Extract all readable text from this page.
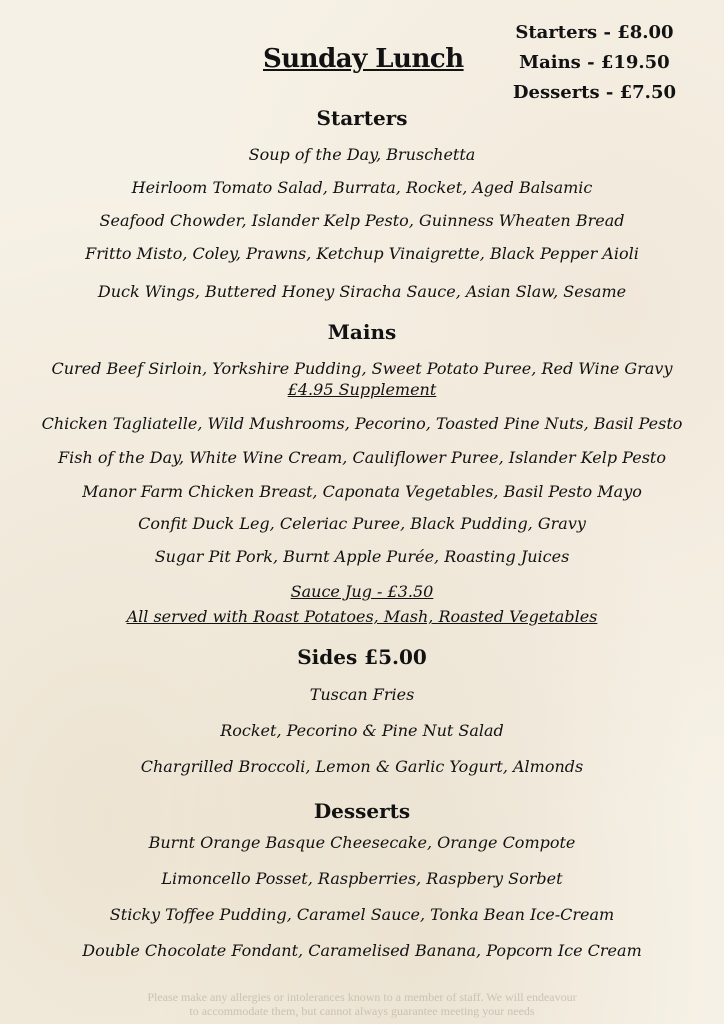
Starters - £8.00
Mains - £19.50
Desserts - £7.50
Sunday Lunch
Starters
Soup of the Day, Bruschetta
Heirloom Tomato Salad, Burrata, Rocket, Aged Balsamic
Seafood Chowder, Islander Kelp Pesto, Guinness Wheaten Bread
Fritto Misto, Coley, Prawns, Ketchup Vinaigrette, Black Pepper Aioli
Duck Wings, Buttered Honey Siracha Sauce, Asian Slaw, Sesame
Mains
Cured Beef Sirloin, Yorkshire Pudding, Sweet Potato Puree, Red Wine Gravy
£4.95 Supplement
Chicken Tagliatelle, Wild Mushrooms, Pecorino, Toasted Pine Nuts, Basil Pesto
Fish of the Day, White Wine Cream, Cauliflower Puree, Islander Kelp Pesto
Manor Farm Chicken Breast, Caponata Vegetables, Basil Pesto Mayo
Confit Duck Leg, Celeriac Puree, Black Pudding, Gravy
Sugar Pit Pork, Burnt Apple Purée, Roasting Juices
Sauce Jug - £3.50
All served with Roast Potatoes, Mash, Roasted Vegetables
Sides £5.00
Tuscan Fries
Rocket, Pecorino & Pine Nut Salad
Chargrilled Broccoli, Lemon & Garlic Yogurt, Almonds
Desserts
Burnt Orange Basque Cheesecake, Orange Compote
Limoncello Posset, Raspberries, Raspbery Sorbet
Sticky Toffee Pudding, Caramel Sauce, Tonka Bean Ice-Cream
Double Chocolate Fondant, Caramelised Banana, Popcorn Ice Cream
Please make any allergies or intolerances known to a member of staff. We will endeavour
to accommodate them, but cannot always guarantee meeting your needs
